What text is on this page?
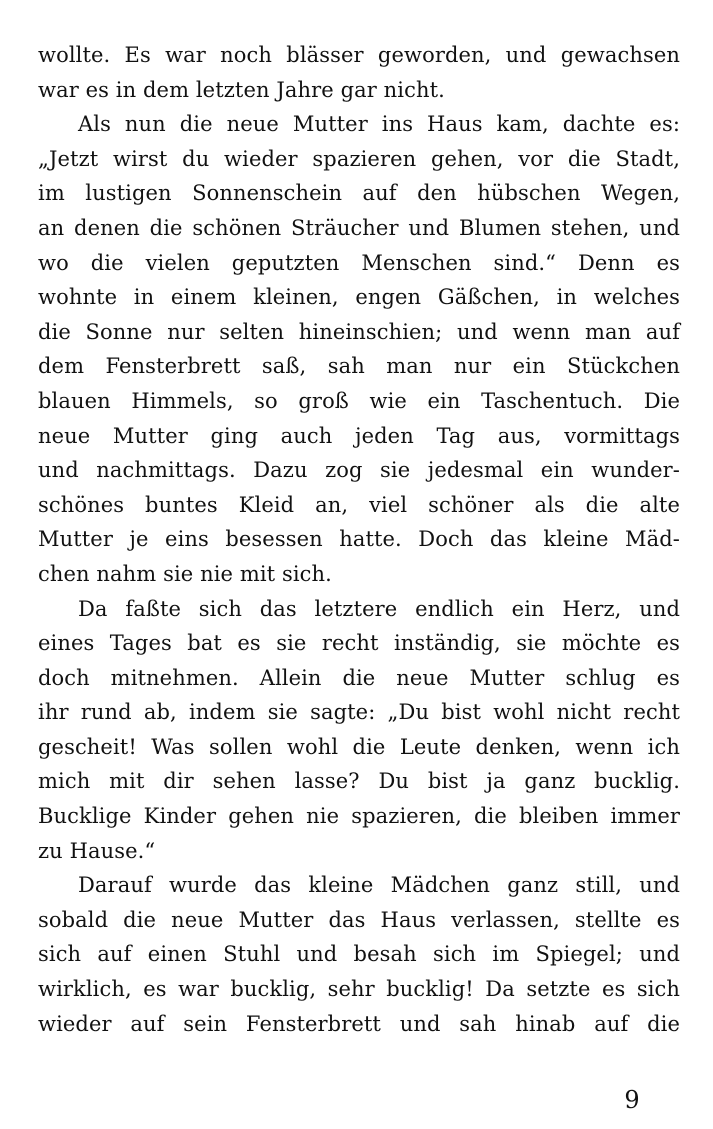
wollte. Es war noch blässer geworden, und gewachsen
war es in dem letzten Jahre gar nicht.
Als nun die neue Mutter ins Haus kam, dachte es:
„Jetzt wirst du wieder spazieren gehen, vor die Stadt,
im lustigen Sonnenschein auf den hübschen Wegen,
an denen die schönen Sträucher und Blumen stehen, und
wo die vielen geputzten Menschen sind.“ Denn es
wohnte in einem kleinen, engen Gäßchen, in welches
die Sonne nur selten hineinschien; und wenn man auf
dem Fensterbrett saß, sah man nur ein Stückchen
blauen Himmels, so groß wie ein Taschentuch. Die
neue Mutter ging auch jeden Tag aus, vormittags
und nachmittags. Dazu zog sie jedesmal ein wunder-
schönes buntes Kleid an, viel schöner als die alte
Mutter je eins besessen hatte. Doch das kleine Mäd-
chen nahm sie nie mit sich.
Da faßte sich das letztere endlich ein Herz, und
eines Tages bat es sie recht inständig, sie möchte es
doch mitnehmen. Allein die neue Mutter schlug es
ihr rund ab, indem sie sagte: „Du bist wohl nicht recht
gescheit! Was sollen wohl die Leute denken, wenn ich
mich mit dir sehen lasse? Du bist ja ganz bucklig.
Bucklige Kinder gehen nie spazieren, die bleiben immer
zu Hause.“
Darauf wurde das kleine Mädchen ganz still, und
sobald die neue Mutter das Haus verlassen, stellte es
sich auf einen Stuhl und besah sich im Spiegel; und
wirklich, es war bucklig, sehr bucklig! Da setzte es sich
wieder auf sein Fensterbrett und sah hinab auf die
9
